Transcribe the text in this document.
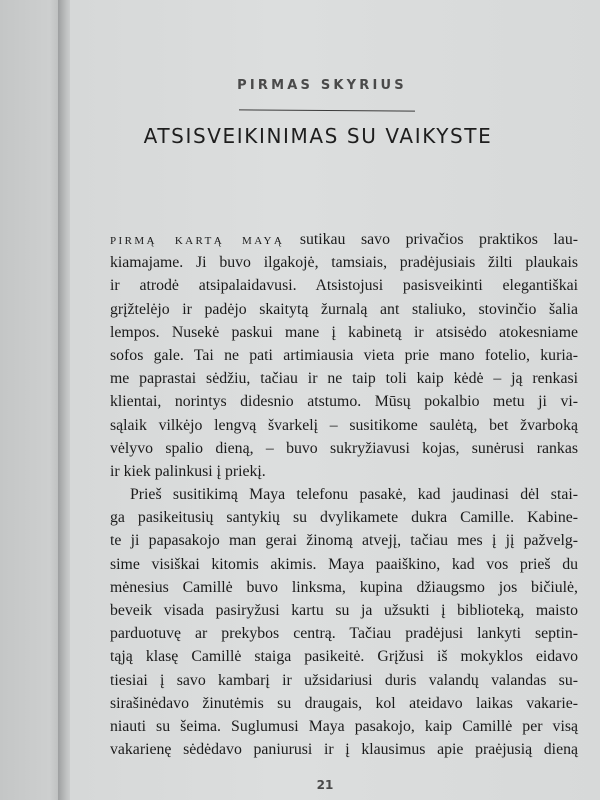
PIRMAS SKYRIUS
ATSISVEIKINIMAS SU VAIKYSTE
pirmą kartą mayą sutikau savo privačios praktikos lau-
kiamajame. Ji buvo ilgakojė, tamsiais, pradėjusiais žilti plaukais
ir atrodė atsipalaidavusi. Atsistojusi pasisveikinti elegantiškai
grįžtelėjo ir padėjo skaitytą žurnalą ant staliuko, stovinčio šalia
lempos. Nusekė paskui mane į kabinetą ir atsisėdo atokesniame
sofos gale. Tai ne pati artimiausia vieta prie mano fotelio, kuria-
me paprastai sėdžiu, tačiau ir ne taip toli kaip kėdė – ją renkasi
klientai, norintys didesnio atstumo. Mūsų pokalbio metu ji vi-
sąlaik vilkėjo lengvą švarkelį – susitikome saulėtą, bet žvarboką
vėlyvo spalio dieną, – buvo sukryžiavusi kojas, sunėrusi rankas
ir kiek palinkusi į priekį.
Prieš susitikimą Maya telefonu pasakė, kad jaudinasi dėl stai-
ga pasikeitusių santykių su dvylikamete dukra Camille. Kabine-
te ji papasakojo man gerai žinomą atvejį, tačiau mes į jį pažvelg-
sime visiškai kitomis akimis. Maya paaiškino, kad vos prieš du
mėnesius Camillė buvo linksma, kupina džiaugsmo jos bičiulė,
beveik visada pasiryžusi kartu su ja užsukti į biblioteką, maisto
parduotuvę ar prekybos centrą. Tačiau pradėjusi lankyti septin-
tąją klasę Camillė staiga pasikeitė. Grįžusi iš mokyklos eidavo
tiesiai į savo kambarį ir užsidariusi duris valandų valandas su-
sirašinėdavo žinutėmis su draugais, kol ateidavo laikas vakarie-
niauti su šeima. Suglumusi Maya pasakojo, kaip Camillė per visą
vakarienę sėdėdavo paniurusi ir į klausimus apie praėjusią dieną
21
